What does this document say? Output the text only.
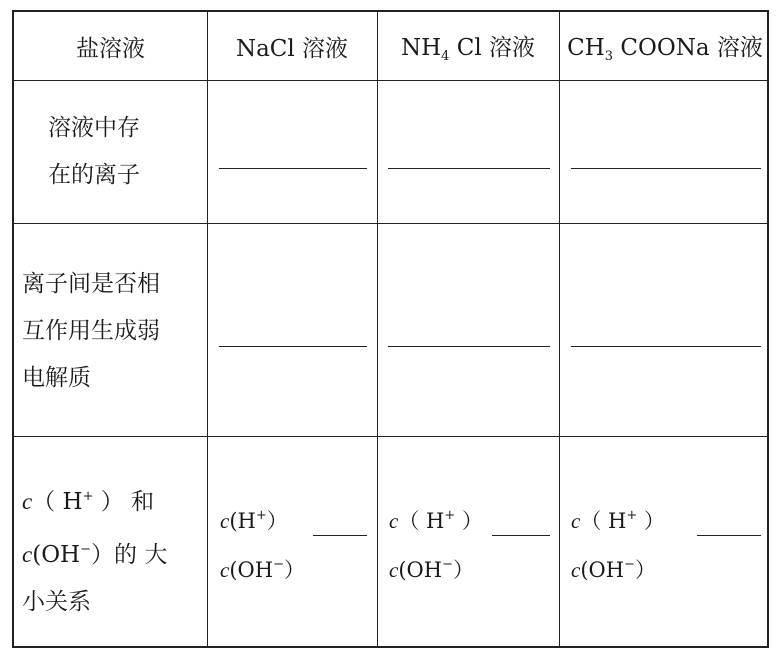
盐溶液	NaCl 溶液 $NH_4$ Cl 溶液 $CH_3$ COONa 溶液
溶液中存
在的离子
离子间是否相
互作用生成弱
电解质
c（ H+ ） 和
c(OH−）的 大
小关系
c(H+）
c(OH−）
c（ H+ ）
c(OH−）
c（ H+ ）
c(OH−）
